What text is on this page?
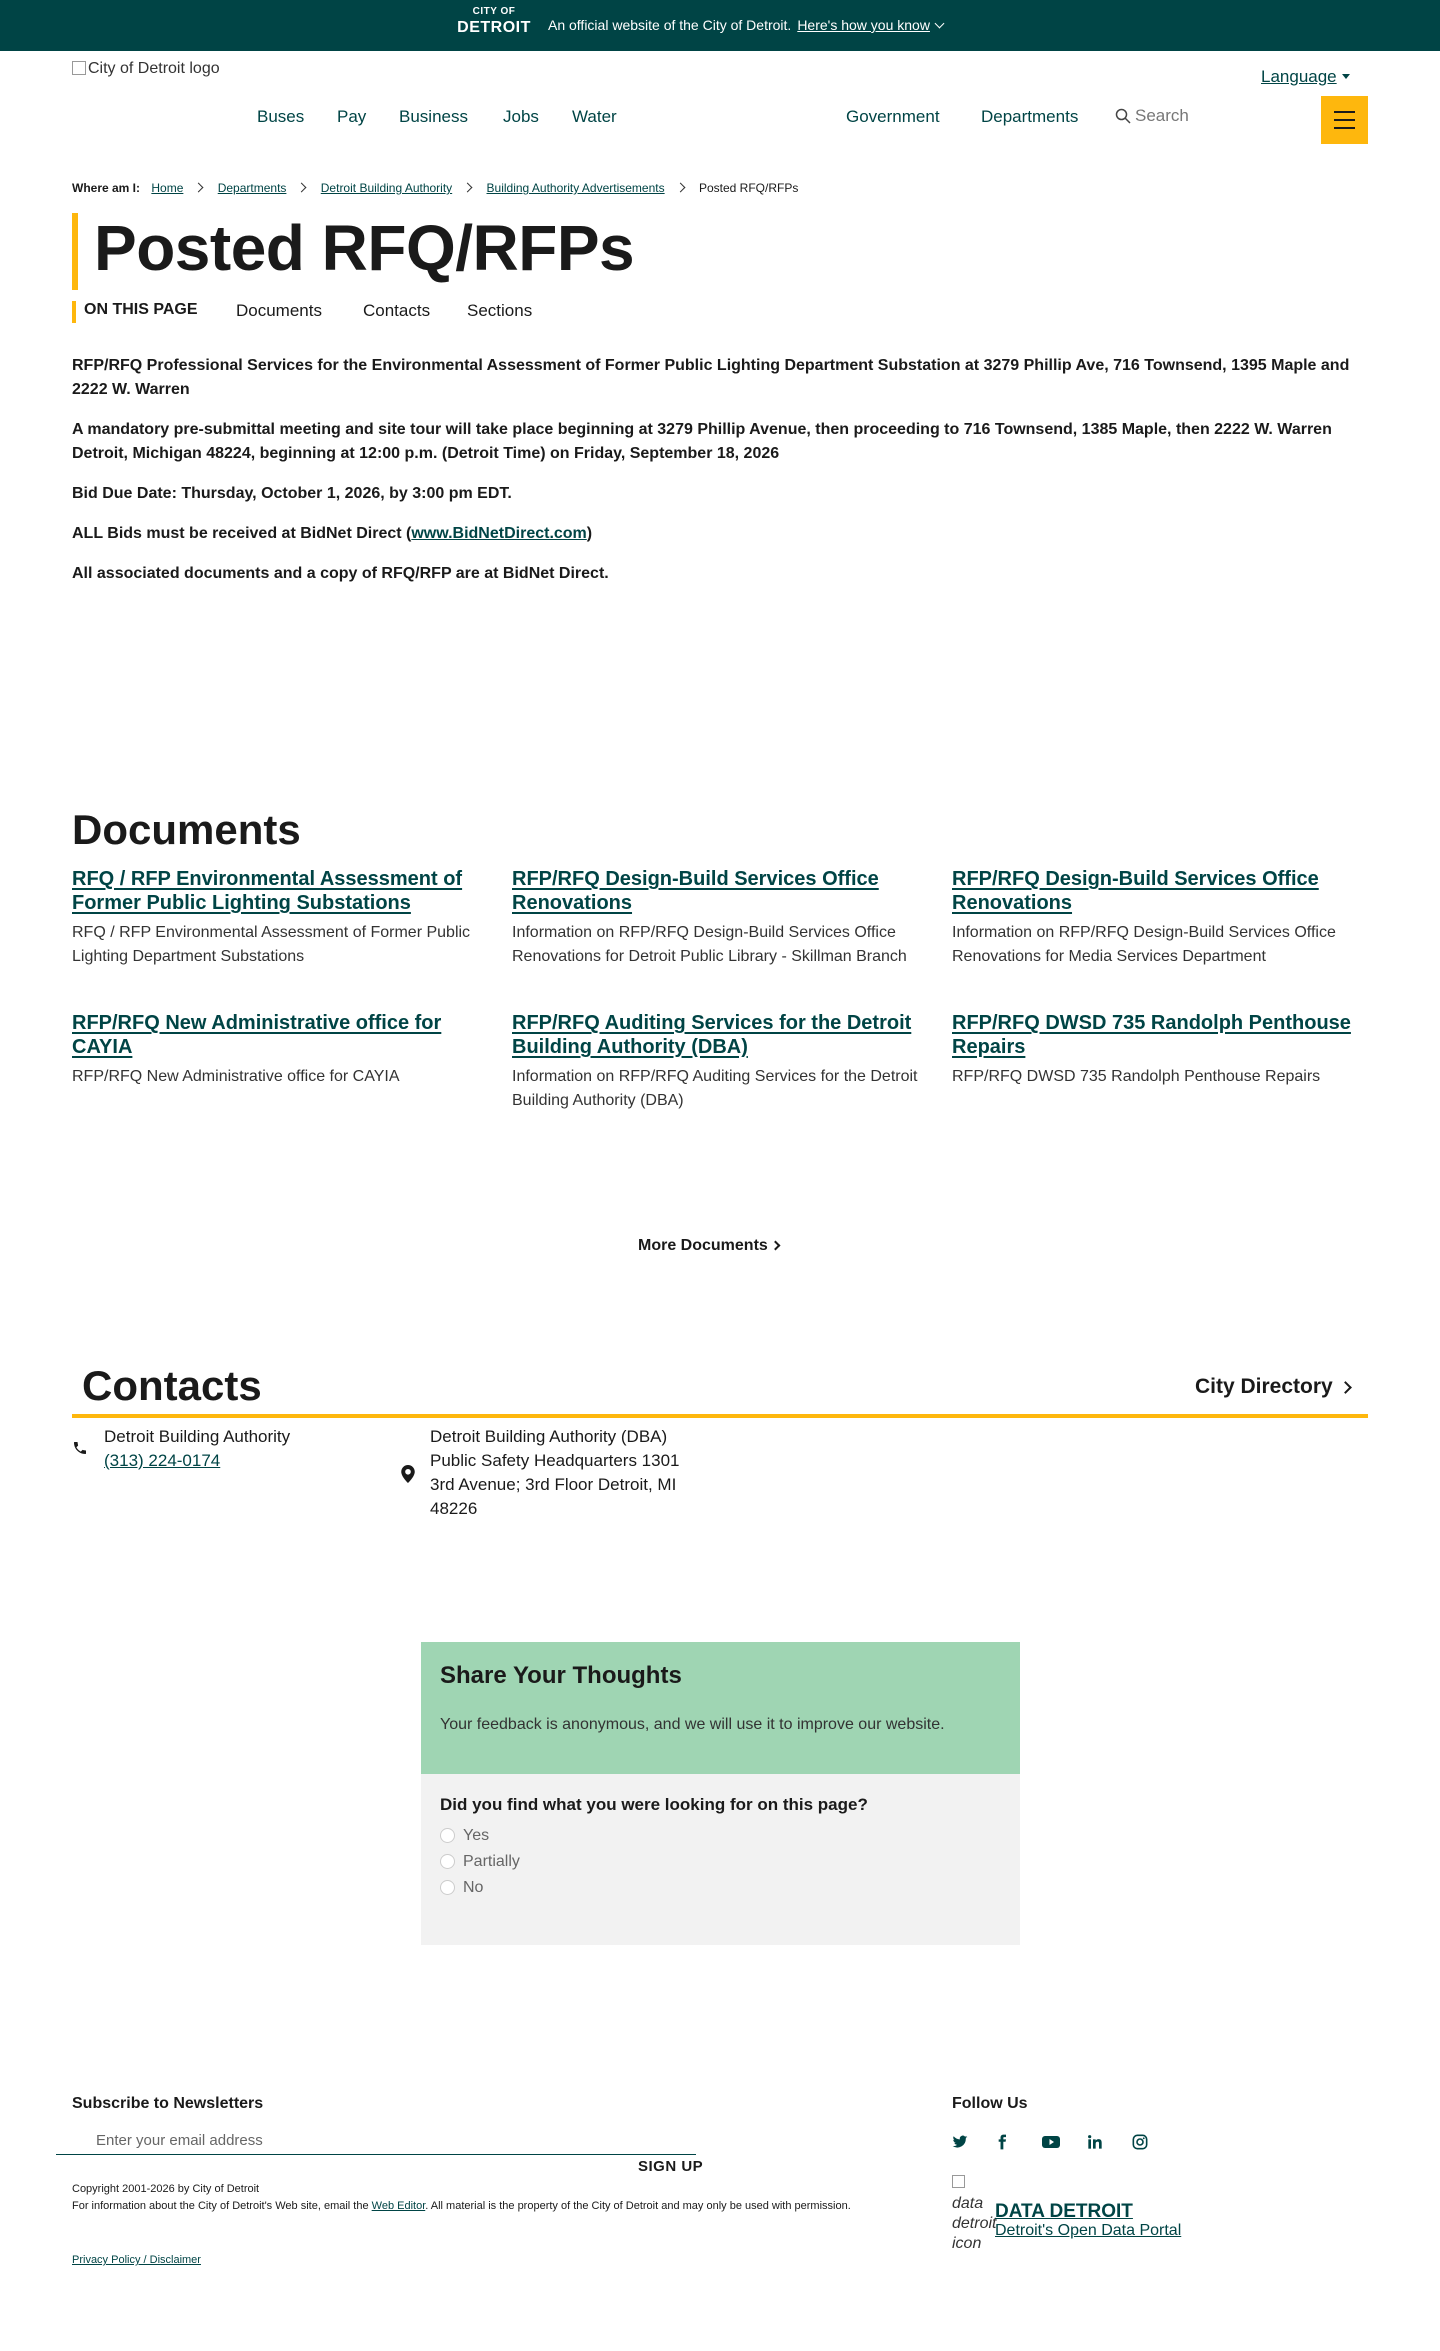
CITY OF
DETROIT An official website of the City of Detroit. Here's how you know
City of Detroit logo	Language
Buses Pay Business Jobs Water	Government Departments	Search
Where am I: Home	Departments	Detroit Building Authority	Building Authority Advertisements	Posted RFQ/RFPs
Posted RFQ/RFPs
ON THIS PAGE Documents Contacts Sections

RFP/RFQ Professional Services for the Environmental Assessment of Former Public Lighting Department Substation at 3279 Phillip Ave, 716 Townsend, 1395 Maple and 2222 W. Warren

A mandatory pre-submittal meeting and site tour will take place beginning at 3279 Phillip Avenue, then proceeding to 716 Townsend, 1385 Maple, then 2222 W. Warren Detroit, Michigan 48224, beginning at 12:00 p.m. (Detroit Time) on Friday, September 18, 2026

Bid Due Date: Thursday, October 1, 2026, by 3:00 pm EDT.

ALL Bids must be received at BidNet Direct (www.BidNetDirect.com)

All associated documents and a copy of RFQ/RFP are at BidNet Direct.

Documents
RFQ / RFP Environmental Assessment of Former Public Lighting Substations

RFQ / RFP Environmental Assessment of Former Public Lighting Department Substations

RFP/RFQ Design-Build Services Office Renovations

Information on RFP/RFQ Design-Build Services Office Renovations for Detroit Public Library - Skillman Branch

RFP/RFQ Design-Build Services Office Renovations

Information on RFP/RFQ Design-Build Services Office Renovations for Media Services Department

RFP/RFQ New Administrative office for CAYIA

RFP/RFQ New Administrative office for CAYIA

RFP/RFQ Auditing Services for the Detroit Building Authority (DBA)

Information on RFP/RFQ Auditing Services for the Detroit Building Authority (DBA)

RFP/RFQ DWSD 735 Randolph Penthouse Repairs

RFP/RFQ DWSD 735 Randolph Penthouse Repairs

More Documents
Contacts	City Directory
Detroit Building Authority
(313) 224-0174
Detroit Building Authority (DBA) Public Safety Headquarters 1301 3rd Avenue; 3rd Floor Detroit, MI 48226
Share Your Thoughts
Your feedback is anonymous, and we will use it to improve our website.
Did you find what you were looking for on this page?
Yes
Partially
No
Subscribe to Newsletters
Enter your email address
SIGN UP
Copyright 2001-2026 by City of Detroit
For information about the City of Detroit's Web site, email the Web Editor. All material is the property of the City of Detroit and may only be used with permission.
Privacy Policy / Disclaimer
Follow Us

data detroit icon
DATA DETROIT
Detroit's Open Data Portal
